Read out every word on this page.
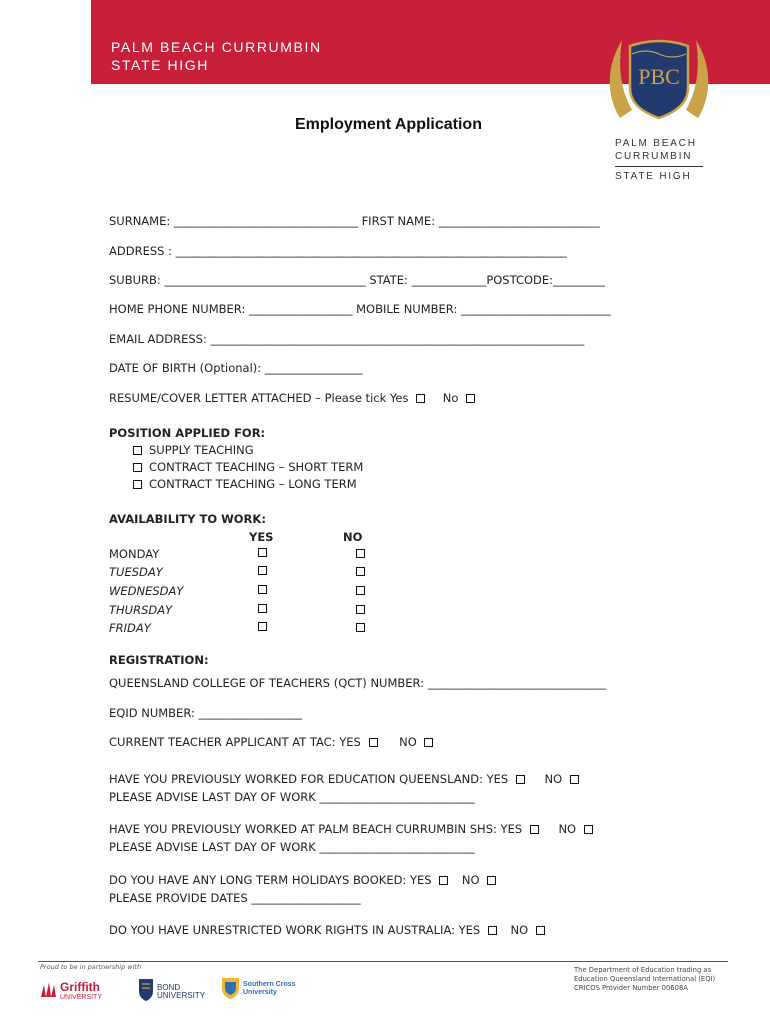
PALM BEACH CURRUMBIN
STATE HIGH	PBC
PALM BEACH
CURRUMBIN
STATE HIGH
Employment Application
SURNAME: ________________________________ FIRST NAME: ____________________________
ADDRESS : ____________________________________________________________________
SUBURB: ___________________________________ STATE: _____________POSTCODE:_________
HOME PHONE NUMBER: __________________ MOBILE NUMBER: __________________________
EMAIL ADDRESS: _________________________________________________________________
DATE OF BIRTH (Optional): _________________
RESUME/COVER LETTER ATTACHED – Please tick Yes	No
POSITION APPLIED FOR:
SUPPLY TEACHING
CONTRACT TEACHING – SHORT TERM
CONTRACT TEACHING – LONG TERM
AVAILABILITY TO WORK:
YES	NO
MONDAY
TUESDAY
WEDNESDAY
THURSDAY
FRIDAY
REGISTRATION:
QUEENSLAND COLLEGE OF TEACHERS (QCT) NUMBER: _______________________________
EQID NUMBER: __________________
CURRENT TEACHER APPLICANT AT TAC: YES	NO
HAVE YOU PREVIOUSLY WORKED FOR EDUCATION QUEENSLAND: YES	NO
PLEASE ADVISE LAST DAY OF WORK ___________________________
HAVE YOU PREVIOUSLY WORKED AT PALM BEACH CURRUMBIN SHS: YES	NO
PLEASE ADVISE LAST DAY OF WORK ___________________________
DO YOU HAVE ANY LONG TERM HOLIDAYS BOOKED: YES	NO
PLEASE PROVIDE DATES ___________________
DO YOU HAVE UNRESTRICTED WORK RIGHTS IN AUSTRALIA: YES	NO
Proud to be in partnership with
Griffith
UNIVERSITY
BOND
UNIVERSITY
Southern Cross
University
The Department of Education trading as
Education Queensland International (EQI)
CRICOS Provider Number 00608A
